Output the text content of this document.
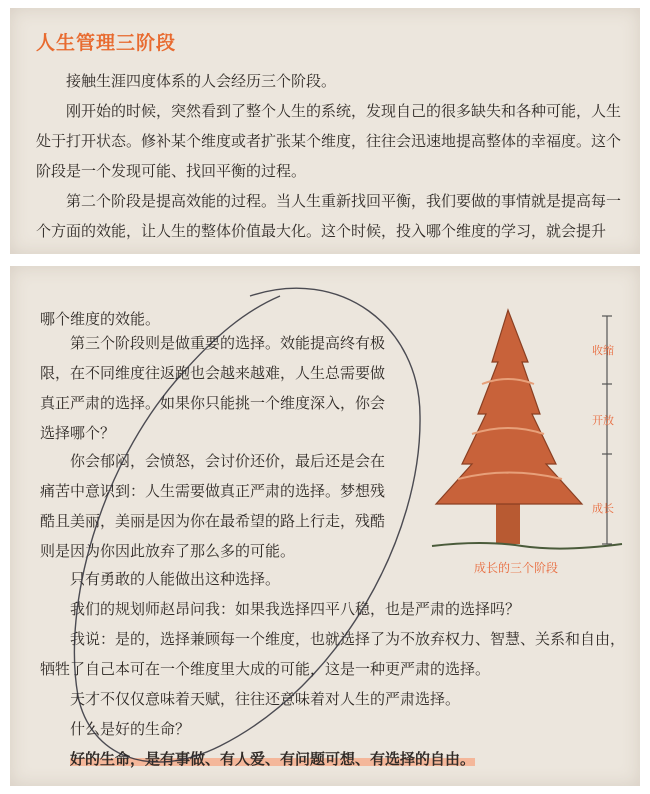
人生管理三阶段

接触生涯四度体系的人会经历三个阶段。

刚开始的时候，突然看到了整个人生的系统，发现自己的很多缺失和各种可能，人生处于打开状态。修补某个维度或者扩张某个维度，往往会迅速地提高整体的幸福度。这个阶段是一个发现可能、找回平衡的过程。

第二个阶段是提高效能的过程。当人生重新找回平衡，我们要做的事情就是提高每一个方面的效能，让人生的整体价值最大化。这个时候，投入哪个维度的学习，就会提升

哪个维度的效能。

第三个阶段则是做重要的选择。效能提高终有极限，在不同维度往返跑也会越来越难，人生总需要做真正严肃的选择。如果你只能挑一个维度深入，你会选择哪个？

你会郁闷，会愤怒，会讨价还价，最后还是会在痛苦中意识到：人生需要做真正严肃的选择。梦想残酷且美丽，美丽是因为你在最希望的路上行走，残酷则是因为你因此放弃了那么多的可能。

只有勇敢的人能做出这种选择。

我们的规划师赵昂问我：如果我选择四平八稳，也是严肃的选择吗？

我说：是的，选择兼顾每一个维度，也就选择了为不放弃权力、智慧、关系和自由，牺牲了自己本可在一个维度里大成的可能，这是一种更严肃的选择。

天才不仅仅意味着天赋，往往还意味着对人生的严肃选择。

什么是好的生命？

好的生命，是有事做、有人爱、有问题可想、有选择的自由。

收缩
开放
成长
成长的三个阶段
